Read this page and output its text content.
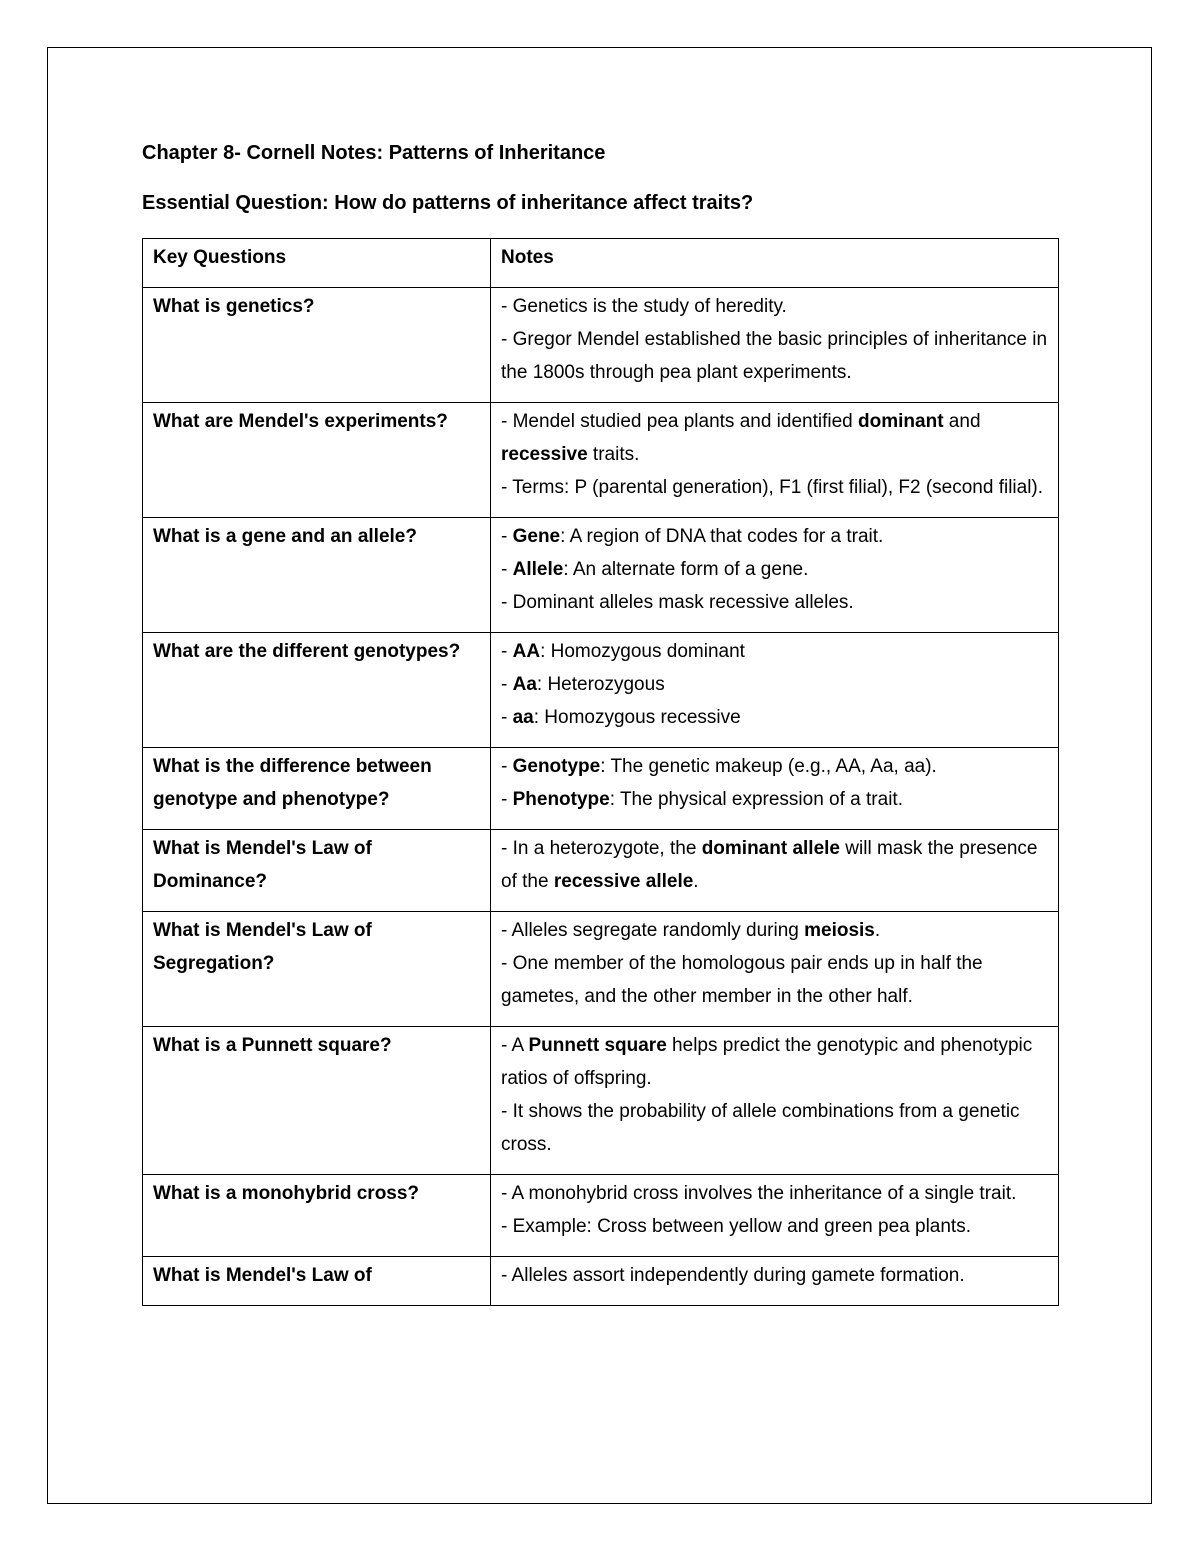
Chapter 8- Cornell Notes: Patterns of Inheritance
Essential Question: How do patterns of inheritance affect traits?
Key Questions	Notes
What is genetics?	- Genetics is the study of heredity.
- Gregor Mendel established the basic principles of inheritance in the 1800s through pea plant experiments.

What are Mendel's experiments?	- Mendel studied pea plants and identified dominant and recessive traits.
- Terms: P (parental generation), F1 (first filial), F2 (second filial).

What is a gene and an allele?	- Gene: A region of DNA that codes for a trait.
- Allele: An alternate form of a gene.
- Dominant alleles mask recessive alleles.

What are the different genotypes?	- AA: Homozygous dominant
- Aa: Heterozygous
- aa: Homozygous recessive

What is the difference between genotype and phenotype?	- Genotype: The genetic makeup (e.g., AA, Aa, aa).
- Phenotype: The physical expression of a trait.

What is Mendel's Law of Dominance?	- In a heterozygote, the dominant allele will mask the presence of the recessive allele.

What is Mendel's Law of Segregation?	- Alleles segregate randomly during meiosis.
- One member of the homologous pair ends up in half the gametes, and the other member in the other half.

What is a Punnett square?	- A Punnett square helps predict the genotypic and phenotypic ratios of offspring.
- It shows the probability of allele combinations from a genetic cross.

What is a monohybrid cross?	- A monohybrid cross involves the inheritance of a single trait.
- Example: Cross between yellow and green pea plants.

What is Mendel's Law of	- Alleles assort independently during gamete formation.
